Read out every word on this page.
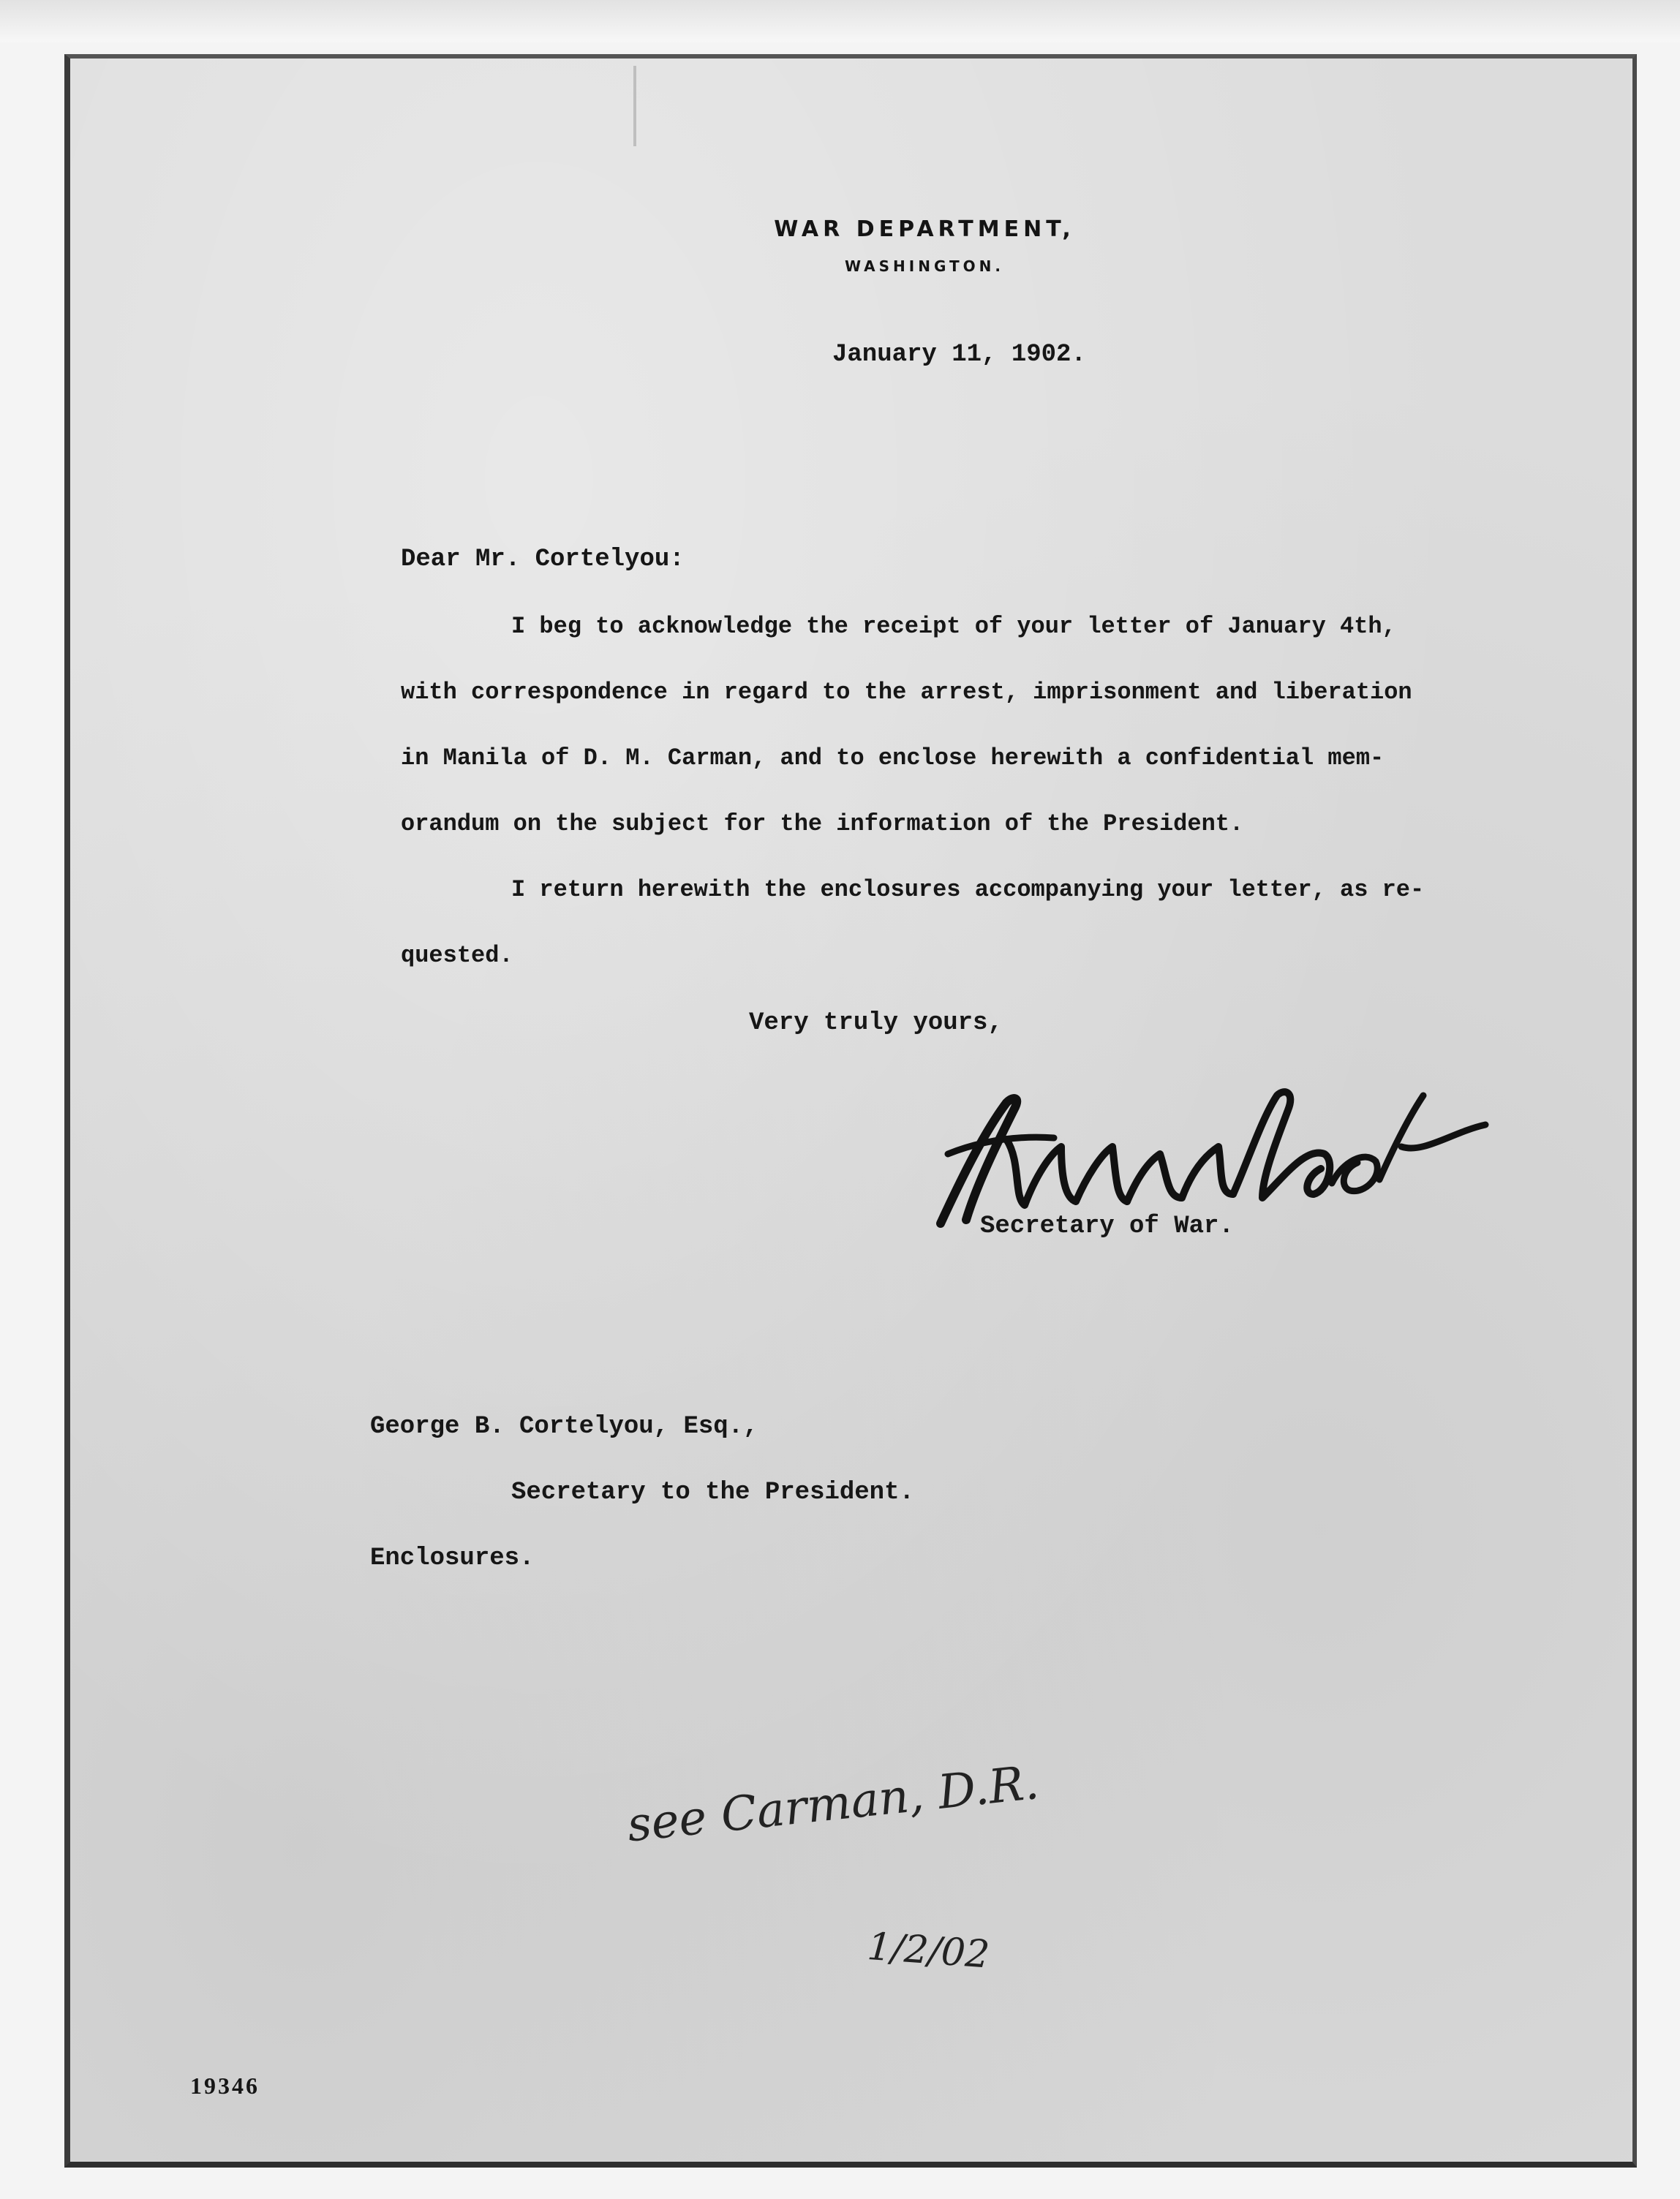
WAR DEPARTMENT,
WASHINGTON.
January 11, 1902.
Dear Mr. Cortelyou:
I beg to acknowledge the receipt of your letter of January 4th,
with correspondence in regard to the arrest, imprisonment and liberation
in Manila of D. M. Carman, and to enclose herewith a confidential mem-
orandum on the subject for the information of the President.
I return herewith the enclosures accompanying your letter, as re-
quested.
Very truly yours,
Secretary of War.
George B. Cortelyou, Esq.,
Secretary to the President.
Enclosures.
see Carman, D.R.
1/2/02
19346
